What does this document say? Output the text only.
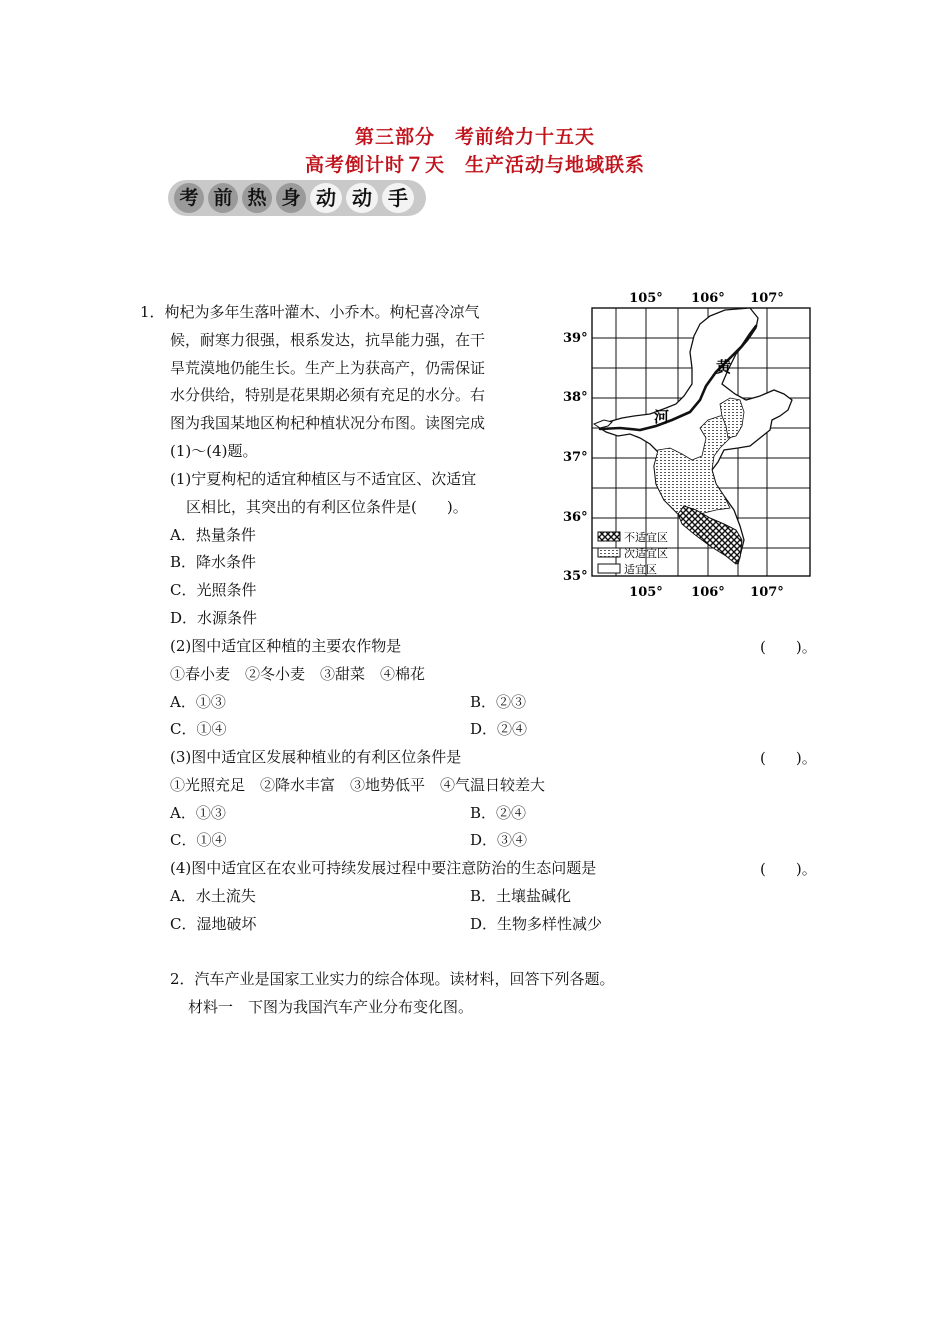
第三部分　考前给力十五天
高考倒计时７天　生产活动与地域联系
考 前 热 身 动 动 手
1．枸杞为多年生落叶灌木、小乔木。枸杞喜冷凉气
候，耐寒力很强，根系发达，抗旱能力强，在干
旱荒漠地仍能生长。生产上为获高产，仍需保证
水分供给，特别是花果期必须有充足的水分。右
图为我国某地区枸杞种植状况分布图。读图完成
(1)～(4)题。
(1)宁夏枸杞的适宜种植区与不适宜区、次适宜
区相比，其突出的有利区位条件是(　　)。
A．热量条件
B．降水条件
C．光照条件
D．水源条件
(2)图中适宜区种植的主要农作物是	(　　)。
①春小麦　②冬小麦　③甜菜　④棉花
A．①③	B．②③
C．①④	D．②④
(3)图中适宜区发展种植业的有利区位条件是	(　　)。
①光照充足　②降水丰富　③地势低平　④气温日较差大
A．①③	B．②④
C．①④	D．③④
(4)图中适宜区在农业可持续发展过程中要注意防治的生态问题是	(　　)。
A．水土流失	B．土壤盐碱化
C．湿地破坏	D．生物多样性减少
2．汽车产业是国家工业实力的综合体现。读材料，回答下列各题。
材料一　下图为我国汽车产业分布变化图。
105° 106° 107°
39°
38°
37°
36°
35°
黄
河
不适宜区
次适宜区
适宜区
105° 106° 107°
